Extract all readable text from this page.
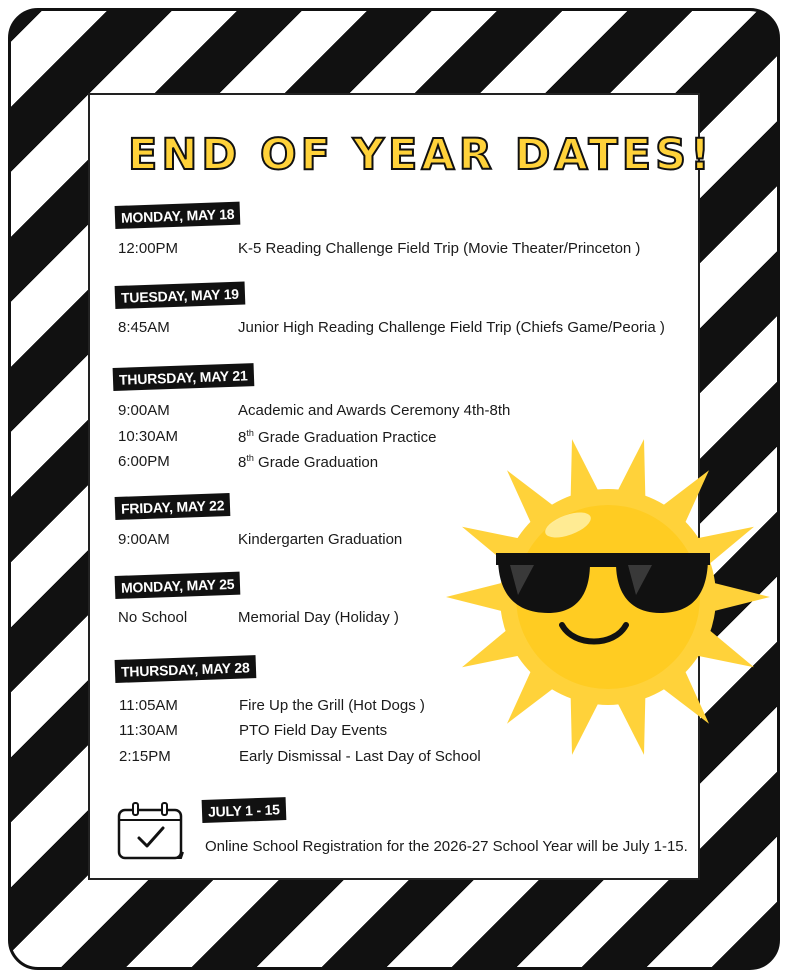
END OF YEAR DATES!
MONDAY, MAY 18
12:00PM	K-5 Reading Challenge Field Trip (Movie Theater/Princeton )
TUESDAY, MAY 19
8:45AM	Junior High Reading Challenge Field Trip (Chiefs Game/Peoria )
THURSDAY, MAY 21
9:00AM	Academic and Awards Ceremony 4th-8th
10:30AM	8th Grade Graduation Practice
6:00PM	8th Grade Graduation
FRIDAY, MAY 22
9:00AM	Kindergarten Graduation
MONDAY, MAY 25
No School	Memorial Day (Holiday )
THURSDAY, MAY 28
11:05AM	Fire Up the Grill (Hot Dogs )
11:30AM	PTO Field Day Events
2:15PM	Early Dismissal - Last Day of School
JULY 1 - 15
Online School Registration for the 2026-27 School Year will be July 1-15.
